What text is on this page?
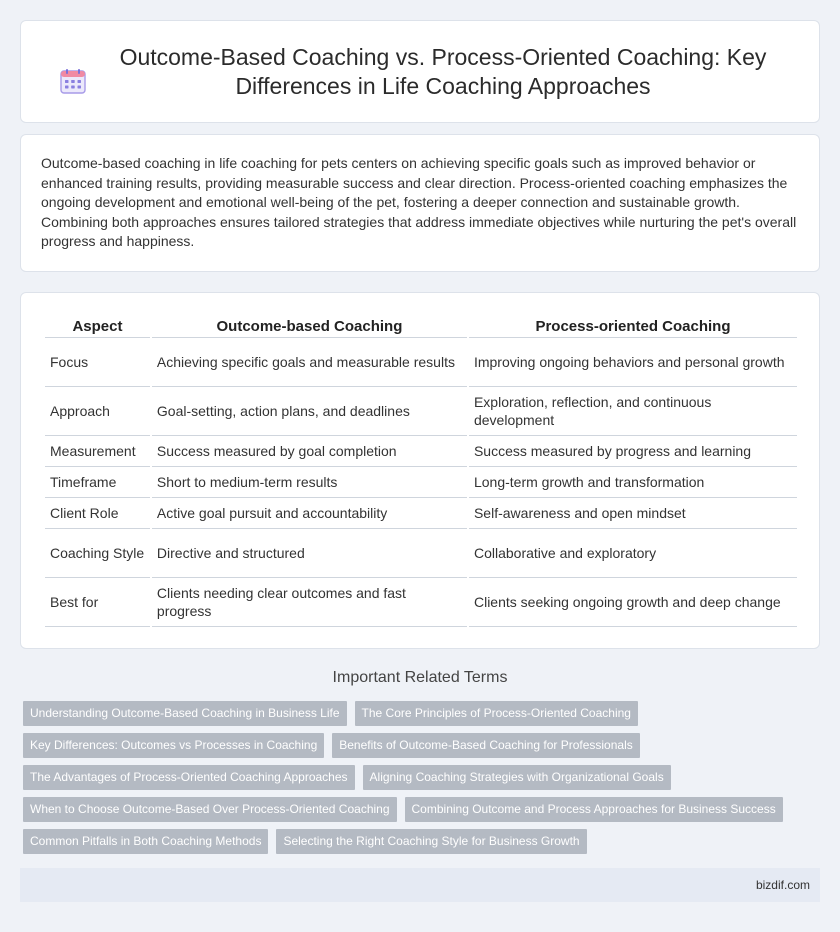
Outcome-Based Coaching vs. Process-Oriented Coaching: Key Differences in Life Coaching Approaches

Outcome-based coaching in life coaching for pets centers on achieving specific goals such as improved behavior or enhanced training results, providing measurable success and clear direction. Process-oriented coaching emphasizes the ongoing development and emotional well-being of the pet, fostering a deeper connection and sustainable growth. Combining both approaches ensures tailored strategies that address immediate objectives while nurturing the pet's overall progress and happiness.

Aspect	Outcome-based Coaching	Process-oriented Coaching
Focus	Achieving specific goals and measurable results	Improving ongoing behaviors and personal growth
Approach	Goal-setting, action plans, and deadlines	Exploration, reflection, and continuous development
Measurement	Success measured by goal completion	Success measured by progress and learning
Timeframe	Short to medium-term results	Long-term growth and transformation
Client Role	Active goal pursuit and accountability	Self-awareness and open mindset
Coaching Style	Directive and structured	Collaborative and exploratory
Best for	Clients needing clear outcomes and fast progress	Clients seeking ongoing growth and deep change
Important Related Terms
Understanding Outcome-Based Coaching in Business Life	The Core Principles of Process-Oriented Coaching
Key Differences: Outcomes vs Processes in Coaching	Benefits of Outcome-Based Coaching for Professionals
The Advantages of Process-Oriented Coaching Approaches	Aligning Coaching Strategies with Organizational Goals
When to Choose Outcome-Based Over Process-Oriented Coaching	Combining Outcome and Process Approaches for Business Success
Common Pitfalls in Both Coaching Methods	Selecting the Right Coaching Style for Business Growth
bizdif.com
